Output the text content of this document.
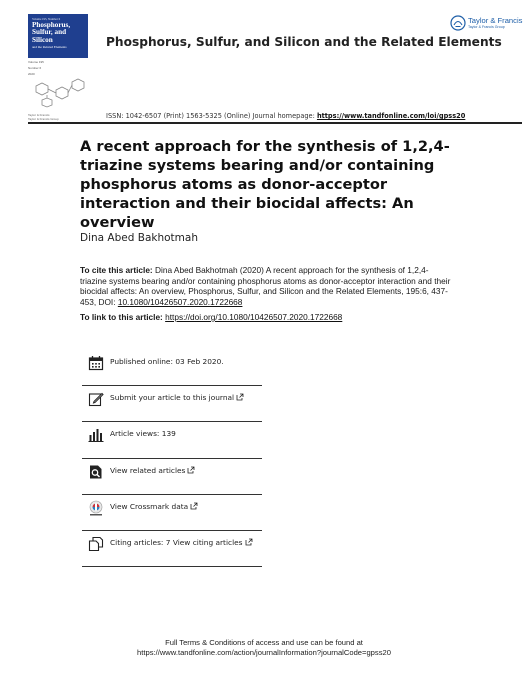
Volume 195, Number 6
Phosphorus,
Sulfur, and
Silicon
and the Related Elements
Volume 195
Number 6
2020
Phosphorus, Sulfur, and Silicon and the Related Elements
Taylor & Francis
Taylor & Francis Group
Taylor & Francis
Taylor & Francis Group	ISSN: 1042-6507 (Print) 1563-5325 (Online) Journal homepage: https://www.tandfonline.com/loi/gpss20
A recent approach for the synthesis of 1,2,4-triazine systems bearing and/or containing phosphorus atoms as donor-acceptor interaction and their biocidal affects: An overview
Dina Abed Bakhotmah

To cite this article: Dina Abed Bakhotmah (2020) A recent approach for the synthesis of 1,2,4-triazine systems bearing and/or containing phosphorus atoms as donor-acceptor interaction and their biocidal affects: An overview, Phosphorus, Sulfur, and Silicon and the Related Elements, 195:6, 437-453, DOI: 10.1080/10426507.2020.1722668

To link to this article: https://doi.org/10.1080/10426507.2020.1722668
Published online: 03 Feb 2020.
Submit your article to this journal
Article views: 139
View related articles
View Crossmark data
Citing articles: 7 View citing articles
Full Terms & Conditions of access and use can be found at
https://www.tandfonline.com/action/journalInformation?journalCode=gpss20
